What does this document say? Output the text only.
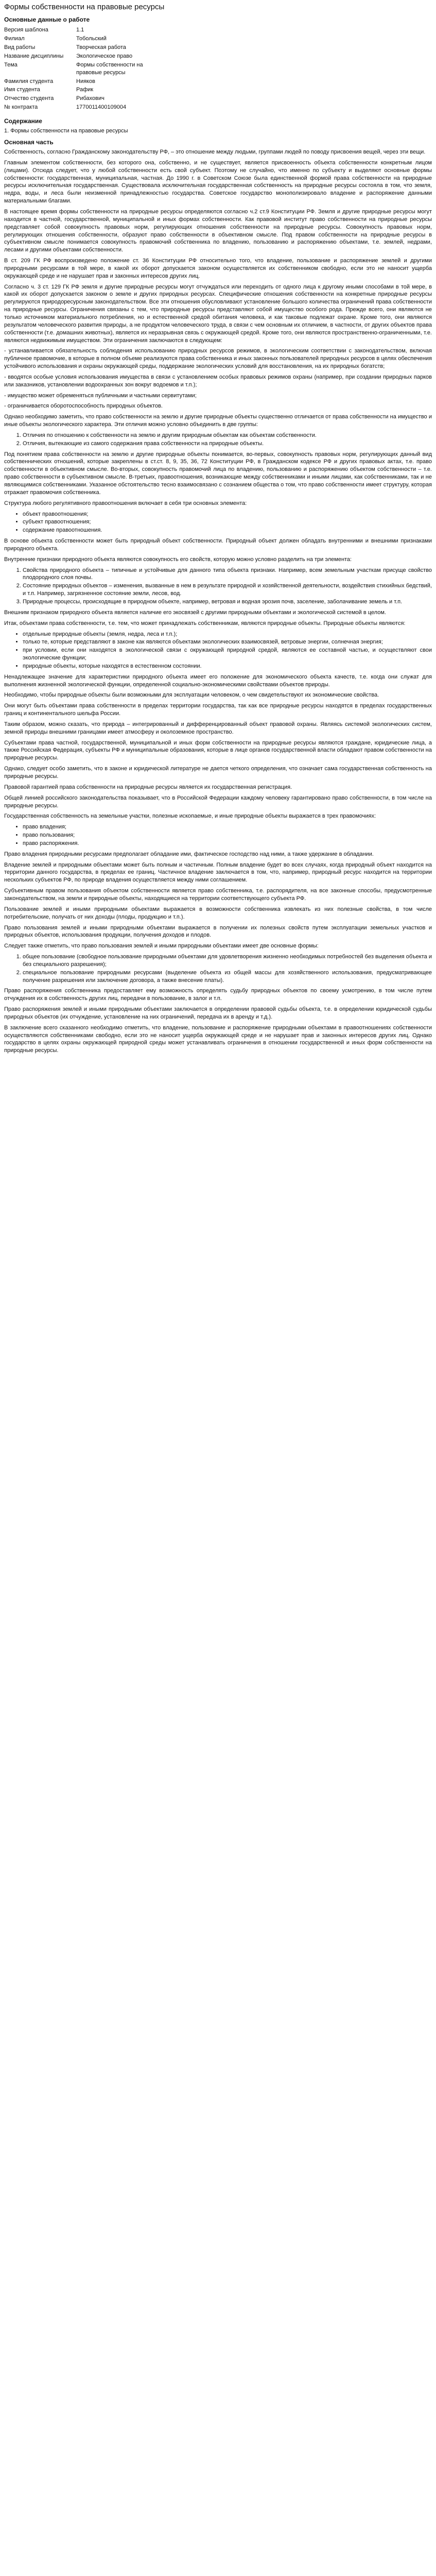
Формы собственности на правовые ресурсы
Основные данные о работе
Версия шаблона	1.1
Филиал	Тобольский
Вид работы	Творческая работа
Название дисциплины	Экологическое право
Тема	Формы собственности на правовые ресурсы
Фамилия студента	Нияков
Имя студента	Рафик
Отчество студента	Рибахович
№ контракта	1770011400109004
Содержание
1. Формы собственности на правовые ресурсы
Основная часть

Собственность, согласно Гражданскому законодательству РФ, – это отношение между людьми, группами людей по поводу присвоения вещей, через эти вещи.

Главным элементом собственности, без которого она, собственно, и не существует, является присвоенность объекта собственности конкретным лицом (лицами). Отсюда следует, что у любой собственности есть свой субъект. Поэтому не случайно, что именно по субъекту и выделяют основные формы собственности: государственная, муниципальная, частная. До 1990 г. в Советском Союзе была единственной формой права собственности на природные ресурсы исключительная государственная. Существовала исключительная государственная собственность на природные ресурсы состояла в том, что земля, недра, воды, и леса были неизменной принадлежностью государства. Советское государство монополизировало владение и распоряжение данными материальными благами.

В настоящее время формы собственности на природные ресурсы определяются согласно ч.2 ст.9 Конституции РФ. Земля и другие природные ресурсы могут находится в частной, государственной, муниципальной и иных формах собственности. Как правовой институт право собственности на природные ресурсы представляет собой совокупность правовых норм, регулирующих отношения собственности на природные ресурсы. Совокупность правовых норм, регулирующих отношения собственности, образуют право собственности в объективном смысле. Под правом собственности на природные ресурсы в субъективном смысле понимается совокупность правомочий собственника по владению, пользованию и распоряжению объектами, т.е. землей, недрами, лесами и другими объектами собственности.

В ст. 209 ГК РФ воспроизведено положение ст. 36 Конституции РФ относительно того, что владение, пользование и распоряжение землей и другими природными ресурсами в той мере, в какой их оборот допускается законом осуществляется их собственником свободно, если это не наносит ущерба окружающей среде и не нарушает прав и законных интересов других лиц.

Согласно ч. 3 ст. 129 ГК РФ земля и другие природные ресурсы могут отчуждаться или переходить от одного лица к другому иными способами в той мере, в какой их оборот допускается законом о земле и других природных ресурсах. Специфические отношения собственности на конкретные природные ресурсы регулируются природоресурсным законодательством. Все эти отношения обусловливают установление большого количества ограничений права собственности на природные ресурсы. Ограничения связаны с тем, что природные ресурсы представляют собой имущество особого рода. Прежде всего, они являются не только источником материального потребления, но и естественной средой обитания человека, и как таковые подлежат охране. Кроме того, они являются результатом человеческого развития природы, а не продуктом человеческого труда, в связи с чем основным их отличием, в частности, от других объектов права собственности (т.е. домашних животных), является их неразрывная связь с окружающей средой. Кроме того, они являются пространственно-ограниченными, т.е. являются недвижимым имуществом. Эти ограничения заключаются в следующем:

- устанавливается обязательность соблюдения использованию природных ресурсов режимов, в экологическим соответствии с законодательством, включая публичное правомочие, в которые в полном объеме реализуются права собственника и иных законных пользователей природных ресурсов в целях обеспечения устойчивого использования и охраны окружающей среды, поддержание экологических условий для восстановления, на их природных богатств;

- вводятся особые условия использования имущества в связи с установлением особых правовых режимов охраны (например, при создании природных парков или заказников, установлении водоохранных зон вокруг водоемов и т.п.);

- имущество может обременяться публичными и частными сервитутами;

- ограничивается оборотоспособность природных объектов.

Однако необходимо заметить, что право собственности на землю и другие природные объекты существенно отличается от права собственности на имущество и иные объекты экологического характера. Эти отличия можно условно объединить в две группы:

1. Отличия по отношению к собственности на землю и другим природным объектам как объектам собственности.
2. Отличия, вытекающие из самого содержания права собственности на природные объекты.

Под понятием права собственности на землю и другие природные объекты понимается, во-первых, совокупность правовых норм, регулирующих данный вид собственнических отношений, которые закреплены в ст.ст. 8, 9, 35, 36, 72 Конституции РФ, в Гражданском кодексе РФ и других правовых актах, т.е. право собственности в объективном смысле. Во-вторых, совокупность правомочий лица по владению, пользованию и распоряжению объектом собственности – т.е. право собственности в субъективном смысле. В-третьих, правоотношения, возникающие между собственниками и иными лицами, как собственниками, так и не являющимися собственниками. Указанное обстоятельство тесно взаимосвязано с сознанием общества о том, что право собственности имеет структуру, которая отражает правомочия собственника.

Структура любого регулятивного правоотношения включает в себя три основных элемента:

• объект правоотношения;
• субъект правоотношения;
• содержание правоотношения.

В основе объекта собственности может быть природный объект собственности. Природный объект должен обладать внутренними и внешними признаками природного объекта.

Внутренние признаки природного объекта являются совокупность его свойств, которую можно условно разделить на три элемента:

1. Свойства природного объекта – типичные и устойчивые для данного типа объекта признаки. Например, всем земельным участкам присуще свойство плодородного слоя почвы.
2. Состояние природных объектов – изменения, вызванные в нем в результате природной и хозяйственной деятельности, воздействия стихийных бедствий, и т.п. Например, загрязненное состояние земли, лесов, вод.
3. Природные процессы, происходящие в природном объекте, например, ветровая и водная эрозия почв, заселение, заболачивание земель и т.п.

Внешним признаком природного объекта является наличие его экосвязей с другими природными объектами и экологической системой в целом.

Итак, объектами права собственности, т.е. тем, что может принадлежать собственникам, являются природные объекты. Природные объекты являются:

• отдельные природные объекты (земля, недра, леса и т.п.);
• только те, которые представляют в законе как являются объектами экологических взаимосвязей, ветровые энергии, солнечная энергия;
• при условии, если они находятся в экологической связи с окружающей природной средой, являются ее составной частью, и осуществляют свои экологические функции;
• природные объекты, которые находятся в естественном состоянии.

Ненадлежащее значение для характеристики природного объекта имеет его положение для экономического объекта качеств, т.е. когда они служат для выполнения жизненной экологической функции, определенной социально-экономическими свойствами объектов природы.

Необходимо, чтобы природные объекты были возможными для эксплуатации человеком, о чем свидетельствуют их экономические свойства.

Они могут быть объектами права собственности в пределах территории государства, так как все природные ресурсы находятся в пределах государственных границ и континентального шельфа России.

Таким образом, можно сказать, что природа – интегрированный и дифференцированный объект правовой охраны. Являясь системой экологических систем, земной природы внешними границами имеет атмосферу и околоземное пространство.

Субъектами права частной, государственной, муниципальной и иных форм собственности на природные ресурсы являются граждане, юридические лица, а также Российская Федерация, субъекты РФ и муниципальные образования, которые в лице органов государственной власти обладают правом собственности на природные ресурсы.

Однако, следует особо заметить, что в законе и юридической литературе не дается четкого определения, что означает сама государственная собственность на природные ресурсы.

Правовой гарантией права собственности на природные ресурсы является их государственная регистрация.

Общей линией российского законодательства показывает, что в Российской Федерации каждому человеку гарантировано право собственности, в том числе на природные ресурсы.

Государственная собственность на земельные участки, полезные ископаемые, и иные природные объекты выражается в трех правомочиях:

• право владения;
• право пользования;
• право распоряжения.

Право владения природными ресурсами предполагает обладание ими, фактическое господство над ними, а также удержание в обладании.

Владение землей и природными объектами может быть полным и частичным. Полным владение будет во всех случаях, когда природный объект находится на территории данного государства, в пределах ее границ. Частичное владение заключается в том, что, например, природный ресурс находится на территории нескольких субъектов РФ, по природе владения осуществляется между ними соглашением.

Субъективным правом пользования объектом собственности является право собственника, т.е. распорядителя, на все законные способы, предусмотренные законодательством, на земли и природные объекты, находящиеся на территории соответствующего субъекта РФ.

Пользование землей и иными природными объектами выражается в возможности собственника извлекать из них полезные свойства, в том числе потребительские, получать от них доходы (плоды, продукцию и т.п.).

Право пользования землей и иными природными объектами выражается в получении их полезных свойств путем эксплуатации земельных участков и природных объектов, использования продукции, получения доходов и плодов.

Следует также отметить, что право пользования землей и иными природными объектами имеет две основные формы:

1. общее пользование (свободное пользование природными объектами для удовлетворения жизненно необходимых потребностей без выделения объекта и без специального разрешения);
2. специальное пользование природными ресурсами (выделение объекта из общей массы для хозяйственного использования, предусматривающее получение разрешения или заключение договора, а также внесение платы).

Право распоряжения собственника предоставляет ему возможность определять судьбу природных объектов по своему усмотрению, в том числе путем отчуждения их в собственность других лиц, передачи в пользование, в залог и т.п.

Право распоряжения землей и иными природными объектами заключается в определении правовой судьбы объекта, т.е. в определении юридической судьбы природных объектов (их отчуждение, установление на них ограничений, передача их в аренду и т.д.).

В заключение всего сказанного необходимо отметить, что владение, пользование и распоряжение природными объектами в правоотношениях собственности осуществляются собственниками свободно, если это не наносит ущерба окружающей среде и не нарушает прав и законных интересов других лиц. Однако государство в целях охраны окружающей природной среды может устанавливать ограничения в отношении государственной и иных форм собственности на природные ресурсы.
